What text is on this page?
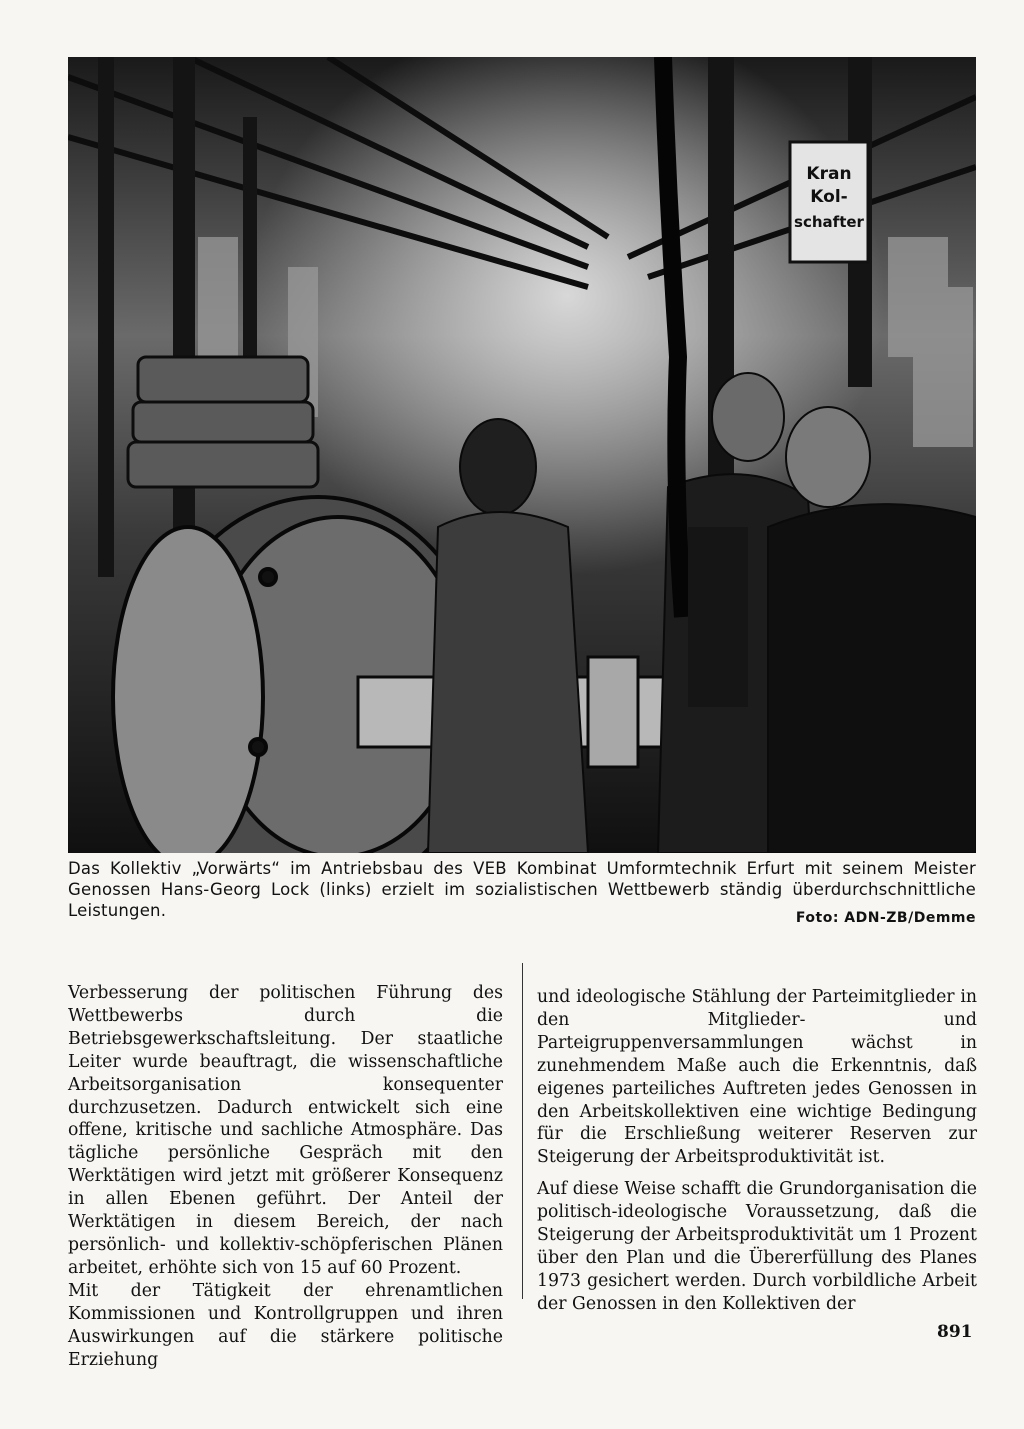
Kran
Kol-
schafter
Das Kollektiv „Vorwärts“ im Antriebsbau des VEB Kombinat Umformtechnik Erfurt mit seinem Meister Genossen Hans-Georg Lock (links) erzielt im sozialistischen Wettbewerb ständig überdurchschnittliche Leistungen.	Foto: ADN-ZB/Demme

Verbesserung der politischen Führung des Wettbewerbs durch die Betriebsgewerkschaftsleitung. Der staatliche Leiter wurde beauftragt, die wissenschaftliche Arbeitsorganisation konsequenter durchzusetzen. Dadurch entwickelt sich eine offene, kritische und sachliche Atmosphäre. Das tägliche persönliche Gespräch mit den Werktätigen wird jetzt mit größerer Konsequenz in allen Ebenen geführt. Der Anteil der Werktätigen in diesem Bereich, der nach persönlich- und kollektiv-schöpferischen Plänen arbeitet, erhöhte sich von 15 auf 60 Prozent.

Mit der Tätigkeit der ehrenamtlichen Kommissionen und Kontrollgruppen und ihren Auswirkungen auf die stärkere politische Erziehung

und ideologische Stählung der Parteimitglieder in den Mitglieder- und Parteigruppenversammlungen wächst in zunehmendem Maße auch die Erkenntnis, daß eigenes parteiliches Auftreten jedes Genossen in den Arbeitskollektiven eine wichtige Bedingung für die Erschließung weiterer Reserven zur Steigerung der Arbeitsproduktivität ist.

Auf diese Weise schafft die Grundorganisation die politisch-ideologische Voraussetzung, daß die Steigerung der Arbeitsproduktivität um 1 Prozent über den Plan und die Übererfüllung des Planes 1973 gesichert werden. Durch vorbildliche Arbeit der Genossen in den Kollektiven der

891
